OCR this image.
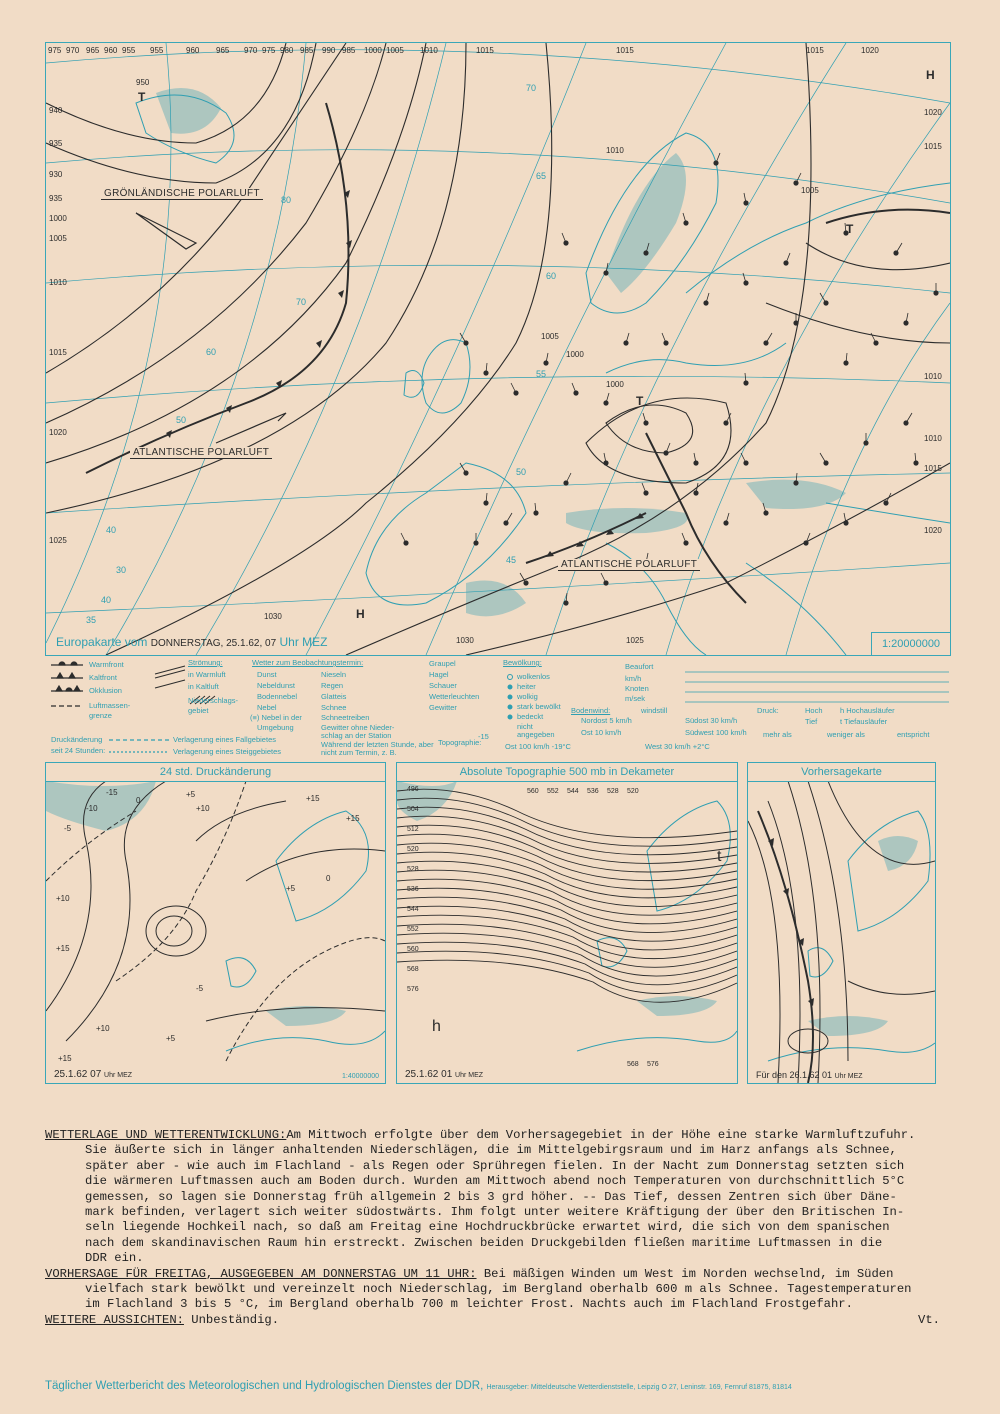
975 970 965 960 955 955	960 965 970 975 980 985 990 985 1000 1005 1010	1015	1015	1015	1020
940
935
930
935
1000
1005
1010
1015
1020
1025
1020
1015
1010
1010
1015
1020
950
1005
1000
1000
1010
1005
1030
1030	1025
70
65
60
55
50
45
40
35
80
70
60
50
40
30
H
H
T
T
T
GRÖNLÄNDISCHE POLARLUFT
ATLANTISCHE POLARLUFT
ATLANTISCHE POLARLUFT
Europakarte vom DONNERSTAG, 25.1.62, 07 Uhr MEZ	1:20000000
Warmfront
Kaltfront
Okklusion
Luftmassen-
grenze
Druckänderung
seit 24 Stunden:
Strömung:
in Warmluft
in Kaltluft
Niederschlags-
gebiet
Verlagerung eines Fallgebietes
Verlagerung eines Steiggebietes
Wetter zum Beobachtungstermin:
Dunst
Nebeldunst
Bodennebel
Nebel
(≡) Nebel in der
Umgebung
Nieseln
Regen
Glatteis
Schnee
Schneetreiben
Gewitter ohne Nieder-
schlag an der Station
Während der letzten Stunde, aber
nicht zum Termin, z. B.
Graupel
Hagel
Schauer
Wetterleuchten
Gewitter
Topographie:
-15
Ost 100 km/h -19°C	West 30 km/h +2°C
Bewölkung:
wolkenlos
heiter
wolkig
stark bewölkt
bedeckt
nicht
angegeben
Beaufort
km/h
Knoten
m/sek
Bodenwind:	windstill
Nordost 5 km/h	Südost 30 km/h
Ost 10 km/h	Südwest 100 km/h
Druck:	Hoch h Hochausläufer
Tief	t Tiefausläufer
mehr als	weniger als	entspricht
24 std. Druckänderung
-15
-10
-5
0
+5
+10
+15
+15
+10
+5
-5
+5
0
+10
+15
+15
25.1.62 07 Uhr MEZ	1:40000000
Absolute Topographie 500 mb in Dekameter
496
504
512
520
528
536
544
552
560
568
576
560 552 544 536 528 520
568 576
t
h
25.1.62 01 Uhr MEZ
Vorhersagekarte
Für den 26.1.62 01 Uhr MEZ

WETTERLAGE UND WETTERENTWICKLUNG:Am Mittwoch erfolgte über dem Vorhersagegebiet in der Höhe eine starke Warmluftzufuhr.

Sie äußerte sich in länger anhaltenden Niederschlägen, die im Mittelgebirgsraum und im Harz anfangs als Schnee,

später aber - wie auch im Flachland - als Regen oder Sprühregen fielen. In der Nacht zum Donnerstag setzten sich

die wärmeren Luftmassen auch am Boden durch. Wurden am Mittwoch abend noch Temperaturen von durchschnittlich 5°C

gemessen, so lagen sie Donnerstag früh allgemein 2 bis 3 grd höher. -- Das Tief, dessen Zentren sich über Däne-

mark befinden, verlagert sich weiter südostwärts. Ihm folgt unter weitere Kräftigung der über den Britischen In-

seln liegende Hochkeil nach, so daß am Freitag eine Hochdruckbrücke erwartet wird, die sich von dem spanischen

nach dem skandinavischen Raum hin erstreckt. Zwischen beiden Druckgebilden fließen maritime Luftmassen in die

DDR ein.

VORHERSAGE FÜR FREITAG, AUSGEGEBEN AM DONNERSTAG UM 11 UHR: Bei mäßigen Winden um West im Norden wechselnd, im Süden

vielfach stark bewölkt und vereinzelt noch Niederschlag, im Bergland oberhalb 600 m als Schnee. Tagestemperaturen

im Flachland 3 bis 5 °C, im Bergland oberhalb 700 m leichter Frost. Nachts auch im Flachland Frostgefahr.

WEITERE AUSSICHTEN: Unbeständig.	Vt.

Täglicher Wetterbericht des Meteorologischen und Hydrologischen Dienstes der DDR, Herausgeber: Mitteldeutsche Wetterdienststelle, Leipzig O 27, Leninstr. 169, Fernruf 81875, 81814
